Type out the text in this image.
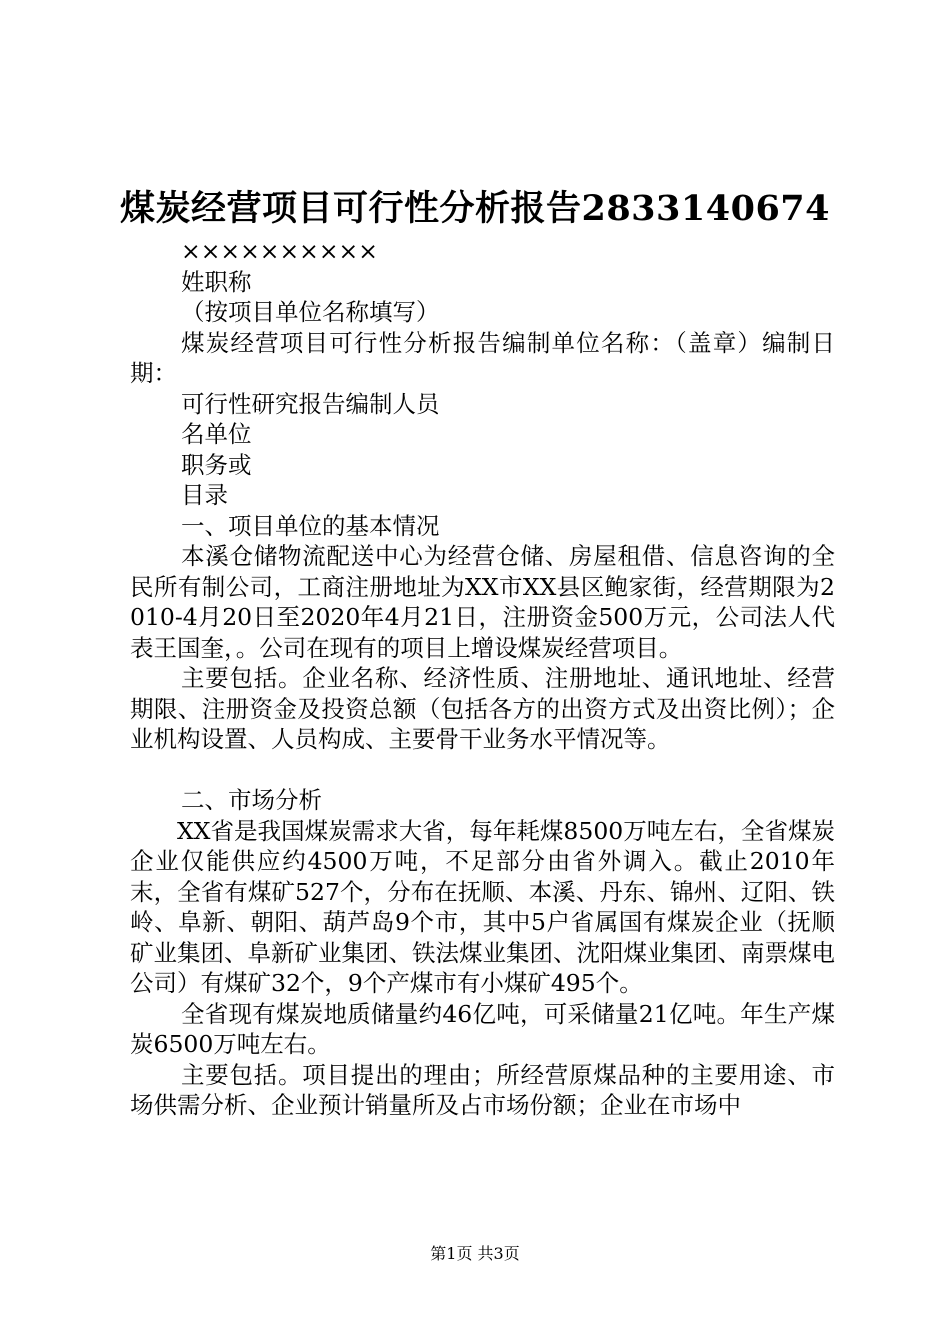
煤炭经营项目可行性分析报告2833140674

××××××××××

姓职称

（按项目单位名称填写）

煤炭经营项目可行性分析报告编制单位名称：（盖章）编制日期：

可行性研究报告编制人员

名单位

职务或

目录

一、项目单位的基本情况

本溪仓储物流配送中心为经营仓储、房屋租借、信息咨询的全民所有制公司，工商注册地址为XX市XX县区鲍家街，经营期限为2010-4月20日至2020年4月21日，注册资金500万元，公司法人代表王国奎，。公司在现有的项目上增设煤炭经营项目。

主要包括。企业名称、经济性质、注册地址、通讯地址、经营期限、注册资金及投资总额（包括各方的出资方式及出资比例）；企业机构设置、人员构成、主要骨干业务水平情况等。

二、市场分析

XX省是我国煤炭需求大省，每年耗煤8500万吨左右，全省煤炭企业仅能供应约4500万吨，不足部分由省外调入。截止2010年末，全省有煤矿527个，分布在抚顺、本溪、丹东、锦州、辽阳、铁岭、阜新、朝阳、葫芦岛9个市，其中5户省属国有煤炭企业（抚顺矿业集团、阜新矿业集团、铁法煤业集团、沈阳煤业集团、南票煤电公司）有煤矿32个，9个产煤市有小煤矿495个。

全省现有煤炭地质储量约46亿吨，可采储量21亿吨。年生产煤炭6500万吨左右。

主要包括。项目提出的理由；所经营原煤品种的主要用途、市场供需分析、企业预计销量所及占市场份额；企业在市场中

第1页 共3页
